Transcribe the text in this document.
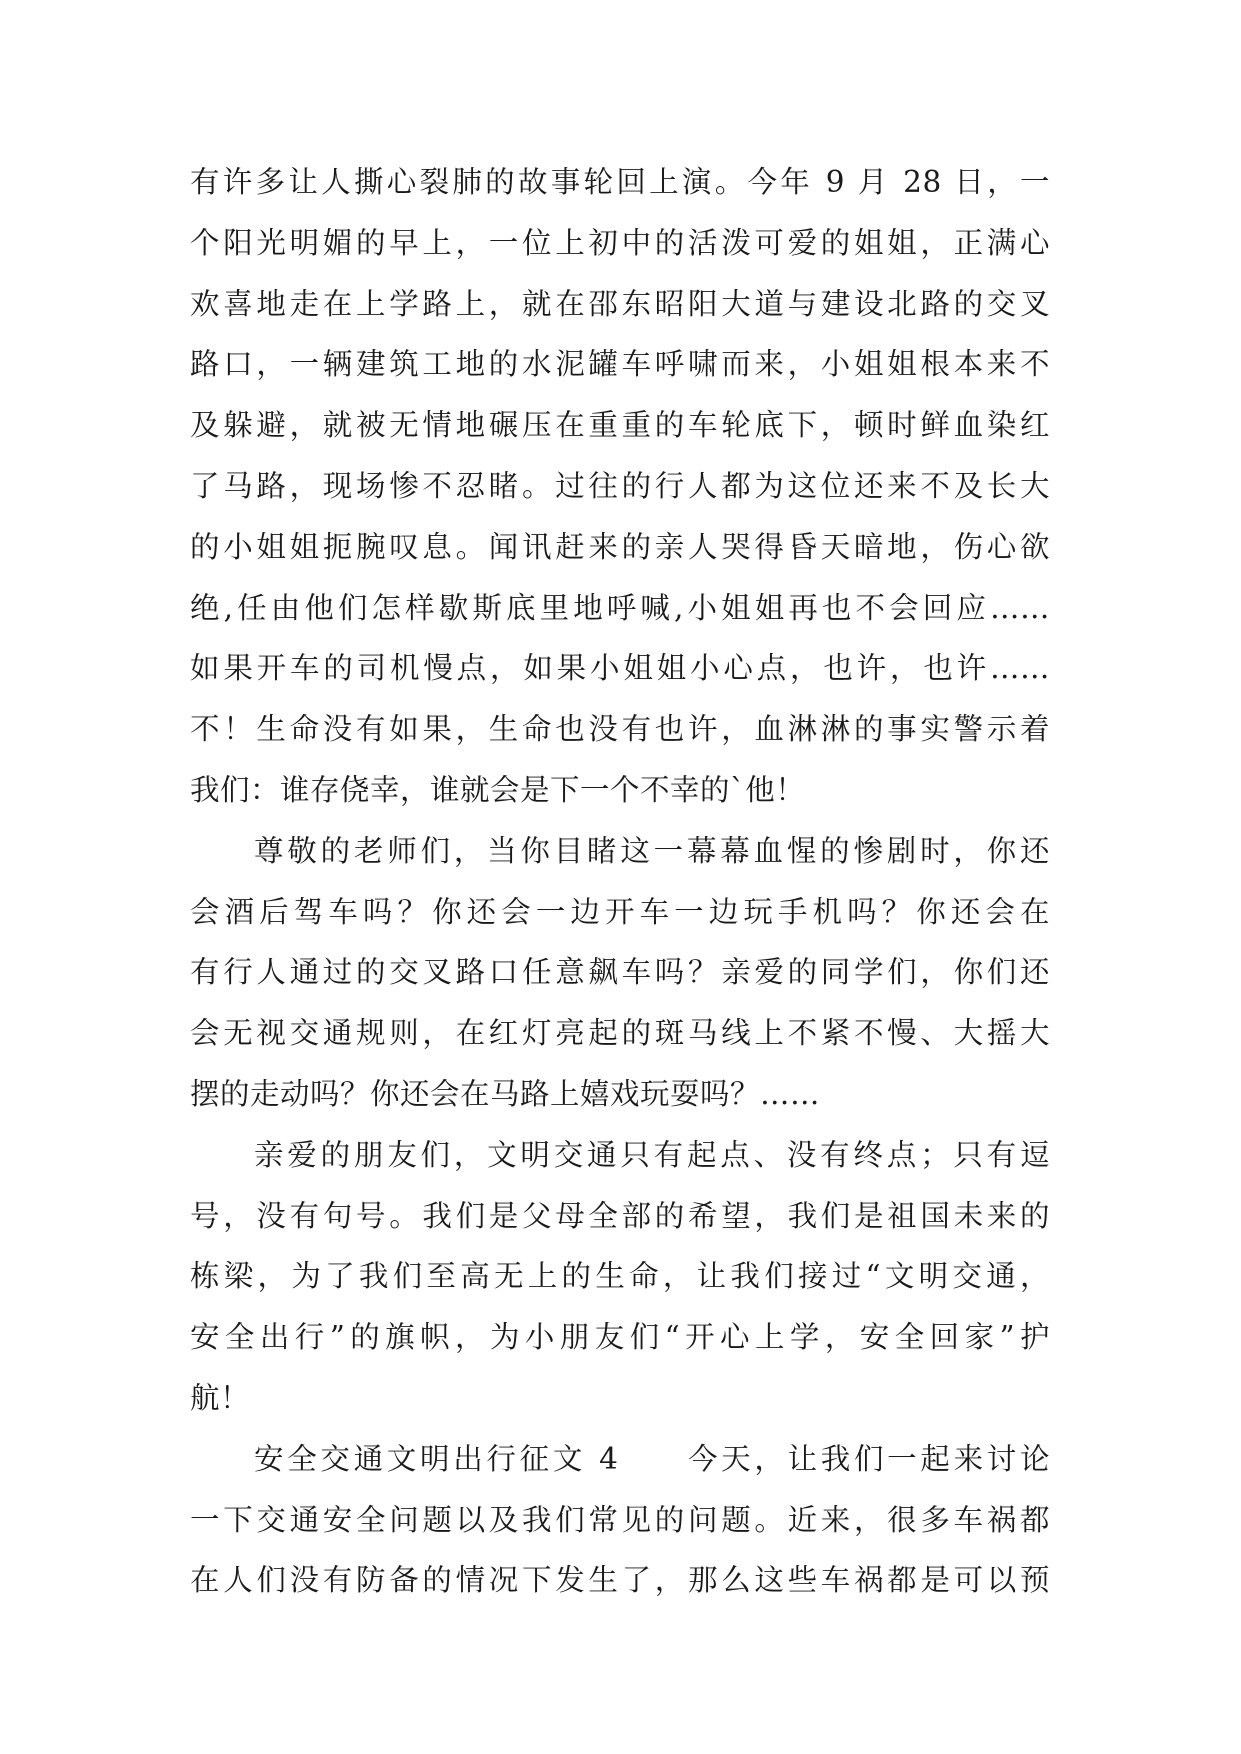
有许多让人撕心裂肺的故事轮回上演。今年 9 月 28 日，一
个阳光明媚的早上，一位上初中的活泼可爱的姐姐，正满心
欢喜地走在上学路上，就在邵东昭阳大道与建设北路的交叉
路口，一辆建筑工地的水泥罐车呼啸而来，小姐姐根本来不
及躲避，就被无情地碾压在重重的车轮底下，顿时鲜血染红
了马路，现场惨不忍睹。过往的行人都为这位还来不及长大
的小姐姐扼腕叹息。闻讯赶来的亲人哭得昏天暗地，伤心欲
绝,任由他们怎样歇斯底里地呼喊,小姐姐再也不会回应……
如果开车的司机慢点，如果小姐姐小心点，也许，也许……
不！生命没有如果，生命也没有也许，血淋淋的事实警示着
我们：谁存侥幸，谁就会是下一个不幸的`他！
尊敬的老师们，当你目睹这一幕幕血惺的惨剧时，你还
会酒后驾车吗？你还会一边开车一边玩手机吗？你还会在
有行人通过的交叉路口任意飙车吗？亲爱的同学们，你们还
会无视交通规则，在红灯亮起的斑马线上不紧不慢、大摇大
摆的走动吗？你还会在马路上嬉戏玩耍吗？……
亲爱的朋友们，文明交通只有起点、没有终点；只有逗
号，没有句号。我们是父母全部的希望，我们是祖国未来的
栋梁，为了我们至高无上的生命，让我们接过“文明交通，
安全出行”的旗帜，为小朋友们“开心上学，安全回家”护
航！
安全交通文明出行征文 4　　今天，让我们一起来讨论
一下交通安全问题以及我们常见的问题。近来，很多车祸都
在人们没有防备的情况下发生了，那么这些车祸都是可以预
